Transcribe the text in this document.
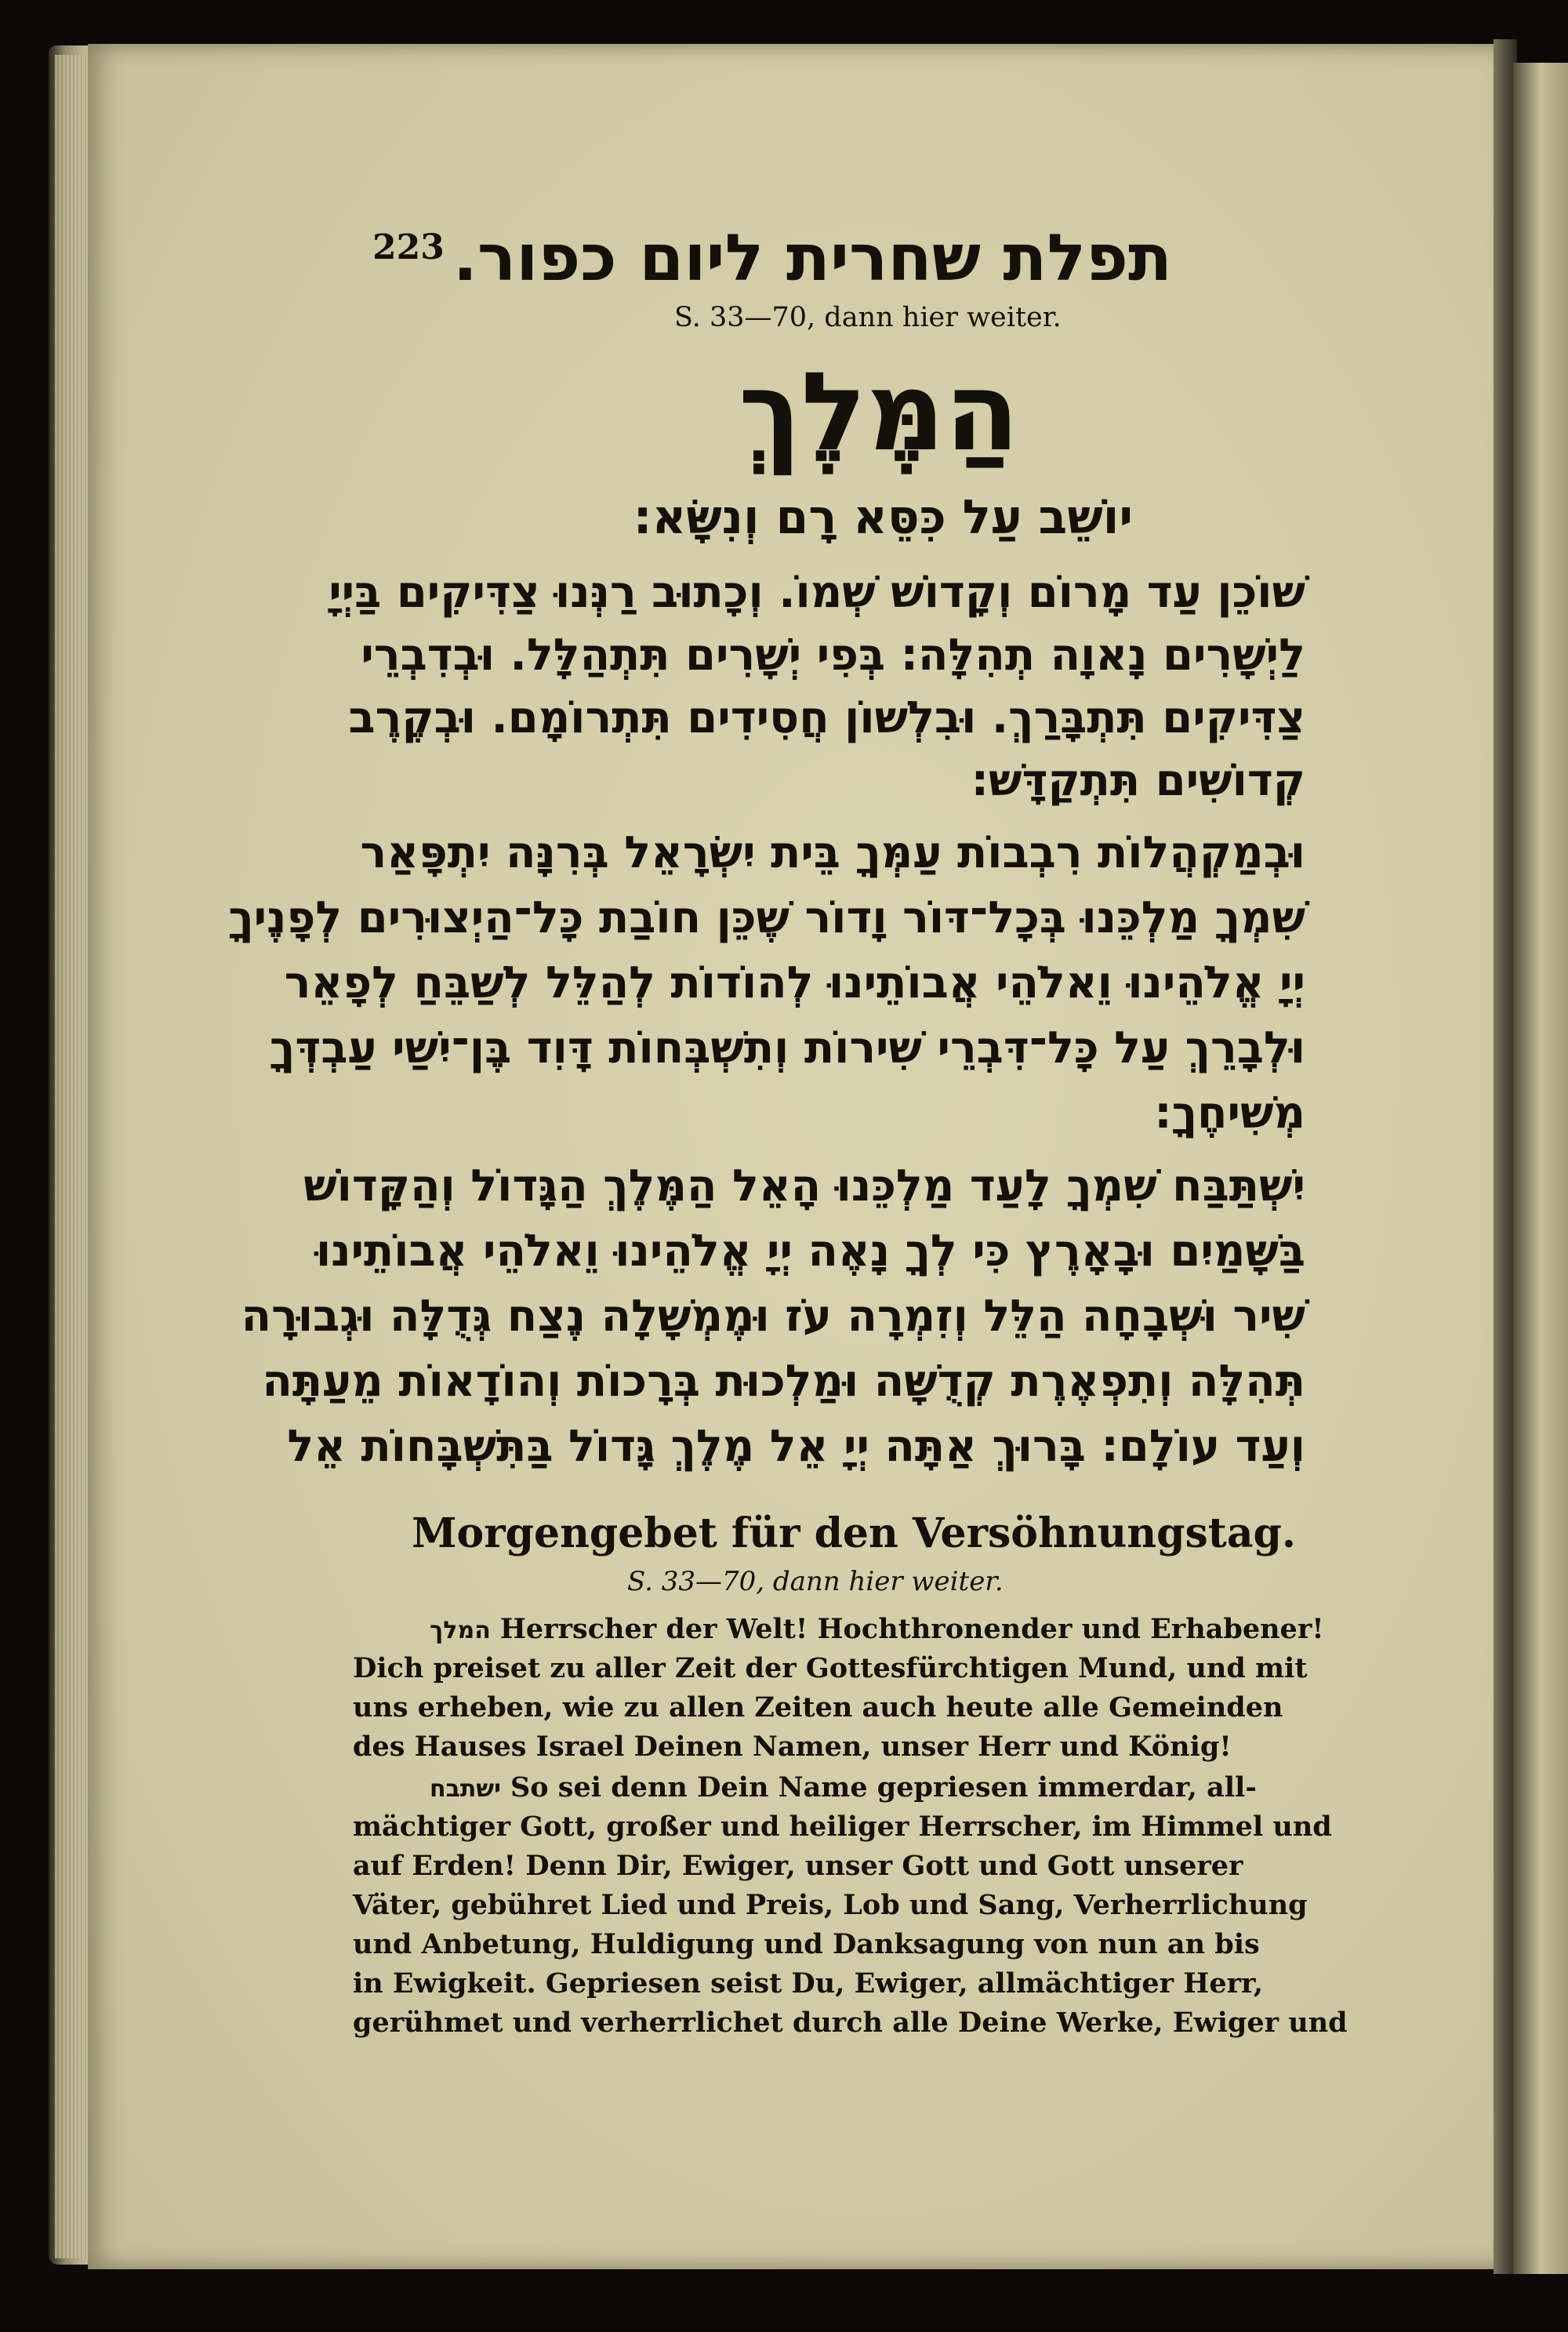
223 תפלת שחרית ליום כפור.
S. 33—70, dann hier weiter.
הַמֶּלֶךְ
יוֹשֵׁב עַל כִּסֵּא רָם וְנִשָּׂא:
שׁוֹכֵן עַד מָרוֹם וְקָדוֹשׁ שְׁמוֹ. וְכָתוּב רַנְּנוּ צַדִּיקִים בַּיְיָ
לַיְשָׁרִים נָאוָה תְהִלָּה: בְּפִי יְשָׁרִים תִּתְהַלָּל. וּבְדִבְרֵי
צַדִּיקִים תִּתְבָּרַךְ. וּבִלְשׁוֹן חֲסִידִים תִּתְרוֹמָם. וּבְקֶרֶב
קְדוֹשִׁים תִּתְקַדָּשׁ:
וּבְמַקְהֲלוֹת רִבְבוֹת עַמְּךָ בֵּית יִשְׂרָאֵל בְּרִנָּה יִתְפָּאַר
שִׁמְךָ מַלְכֵּנוּ בְּכָל־דּוֹר וָדוֹר שֶׁכֵּן חוֹבַת כָּל־הַיְצוּרִים לְפָנֶיךָ
יְיָ אֱלֹהֵינוּ וֵאלֹהֵי אֲבוֹתֵינוּ לְהוֹדוֹת לְהַלֵּל לְשַׁבֵּחַ לְפָאֵר
וּלְבָרֵךְ עַל כָּל־דִּבְרֵי שִׁירוֹת וְתִשְׁבְּחוֹת דָּוִד בֶּן־יִשַׁי עַבְדְּךָ
מְשִׁיחֶךָ:
יִשְׁתַּבַּח שִׁמְךָ לָעַד מַלְכֵּנוּ הָאֵל הַמֶּלֶךְ הַגָּדוֹל וְהַקָּדוֹשׁ
בַּשָּׁמַיִם וּבָאָרֶץ כִּי לְךָ נָאֶה יְיָ אֱלֹהֵינוּ וֵאלֹהֵי אֲבוֹתֵינוּ
שִׁיר וּשְׁבָחָה הַלֵּל וְזִמְרָה עֹז וּמֶמְשָׁלָה נֶצַח גְּדֻלָּה וּגְבוּרָה
תְּהִלָּה וְתִפְאֶרֶת קְדֻשָּׁה וּמַלְכוּת בְּרָכוֹת וְהוֹדָאוֹת מֵעַתָּה
וְעַד עוֹלָם: בָּרוּךְ אַתָּה יְיָ אֵל מֶלֶךְ גָּדוֹל בַּתִּשְׁבָּחוֹת אֵל
Morgengebet für den Versöhnungstag.
S. 33—70, dann hier weiter.
המלך Herrscher der Welt! Hochthronender und Erhabener!
Dich preiset zu aller Zeit der Gottesfürchtigen Mund, und mit
uns erheben, wie zu allen Zeiten auch heute alle Gemeinden
des Hauses Israel Deinen Namen, unser Herr und König!
ישתבח So sei denn Dein Name gepriesen immerdar, all-
mächtiger Gott, großer und heiliger Herrscher, im Himmel und
auf Erden! Denn Dir, Ewiger, unser Gott und Gott unserer
Väter, gebühret Lied und Preis, Lob und Sang, Verherrlichung
und Anbetung, Huldigung und Danksagung von nun an bis
in Ewigkeit. Gepriesen seist Du, Ewiger, allmächtiger Herr,
gerühmet und verherrlichet durch alle Deine Werke, Ewiger und
